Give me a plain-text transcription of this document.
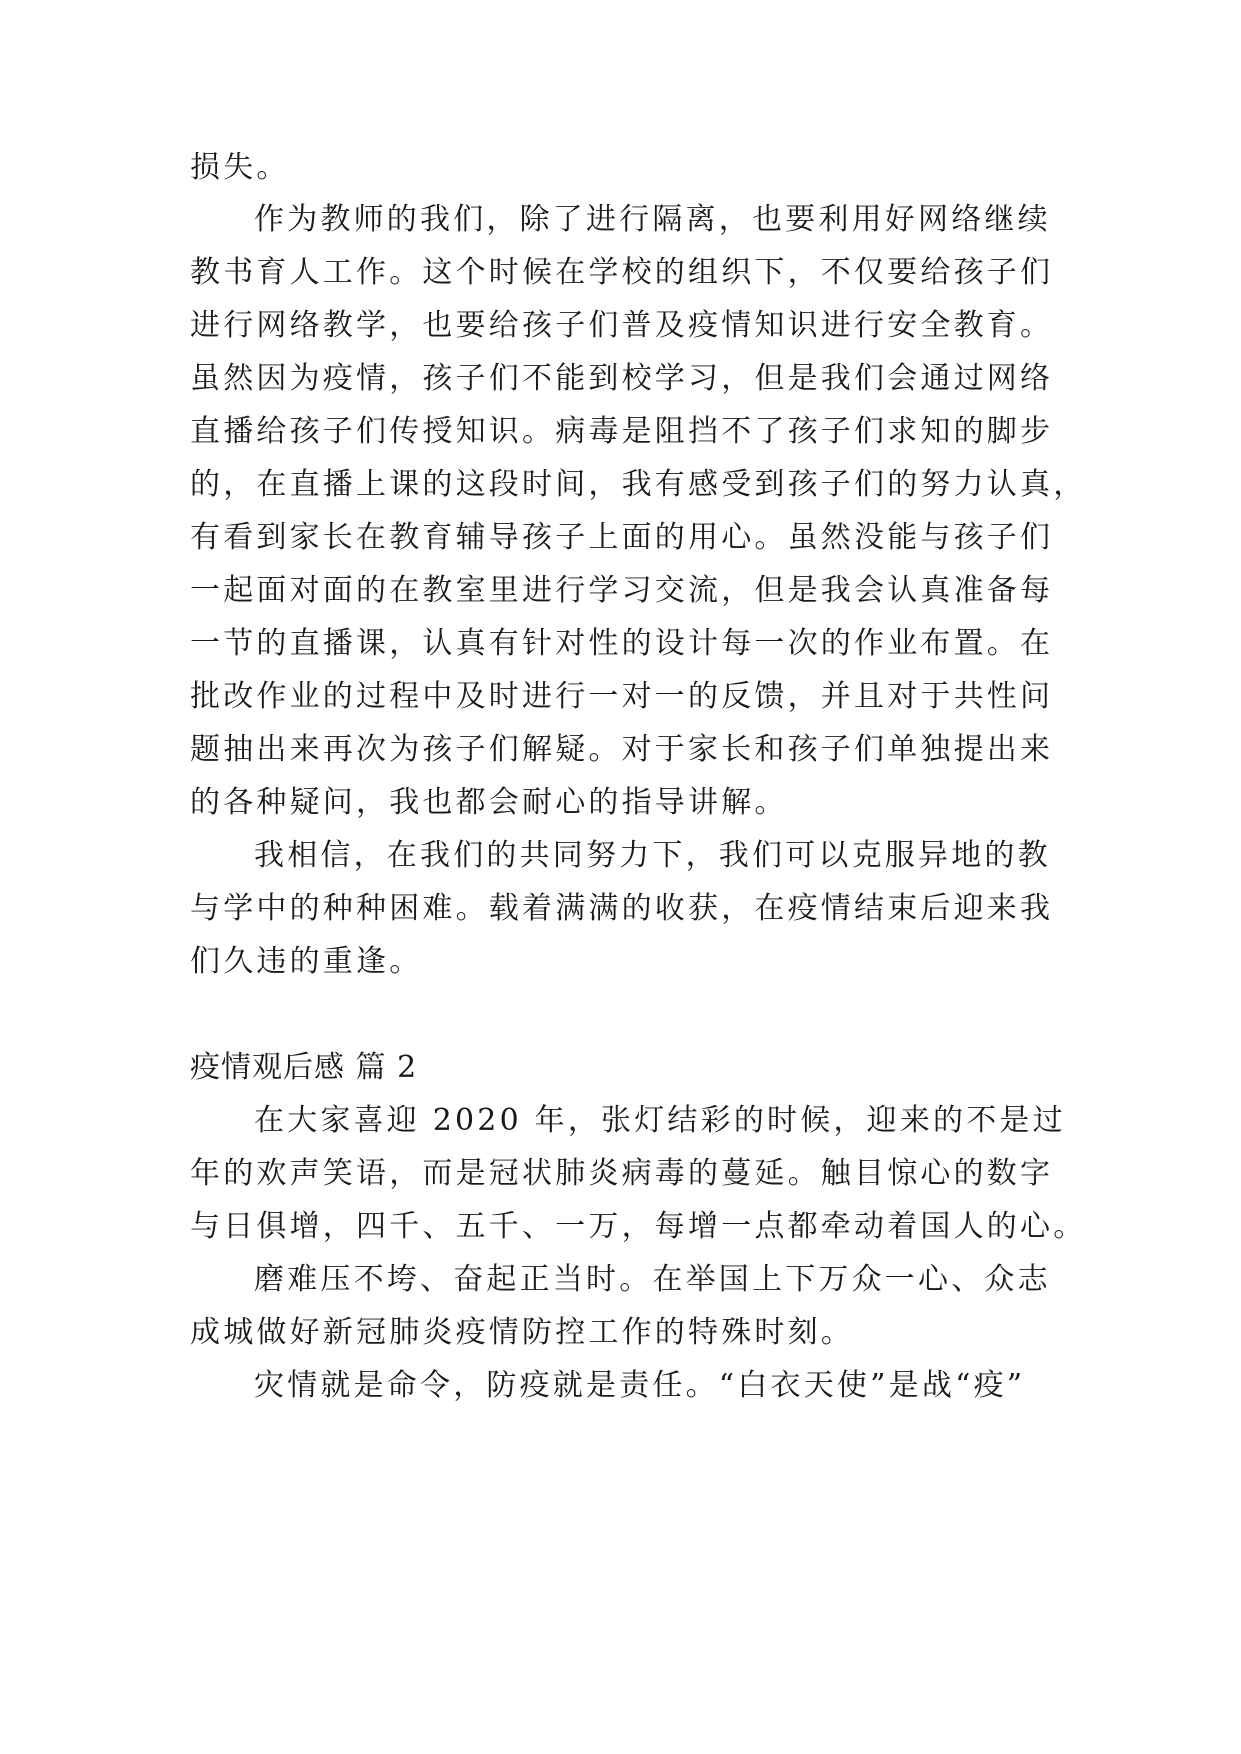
损失。
作为教师的我们，除了进行隔离，也要利用好网络继续
教书育人工作。这个时候在学校的组织下，不仅要给孩子们
进行网络教学，也要给孩子们普及疫情知识进行安全教育。
虽然因为疫情，孩子们不能到校学习，但是我们会通过网络
直播给孩子们传授知识。病毒是阻挡不了孩子们求知的脚步
的，在直播上课的这段时间，我有感受到孩子们的努力认真，
有看到家长在教育辅导孩子上面的用心。虽然没能与孩子们
一起面对面的在教室里进行学习交流，但是我会认真准备每
一节的直播课，认真有针对性的设计每一次的作业布置。在
批改作业的过程中及时进行一对一的反馈，并且对于共性问
题抽出来再次为孩子们解疑。对于家长和孩子们单独提出来
的各种疑问，我也都会耐心的指导讲解。
我相信，在我们的共同努力下，我们可以克服异地的教
与学中的种种困难。载着满满的收获，在疫情结束后迎来我
们久违的重逢。
疫情观后感 篇 2
在大家喜迎 2020 年，张灯结彩的时候，迎来的不是过
年的欢声笑语，而是冠状肺炎病毒的蔓延。触目惊心的数字
与日俱增，四千、五千、一万，每增一点都牵动着国人的心。
磨难压不垮、奋起正当时。在举国上下万众一心、众志
成城做好新冠肺炎疫情防控工作的特殊时刻。
灾情就是命令，防疫就是责任。“白衣天使”是战“疫”
